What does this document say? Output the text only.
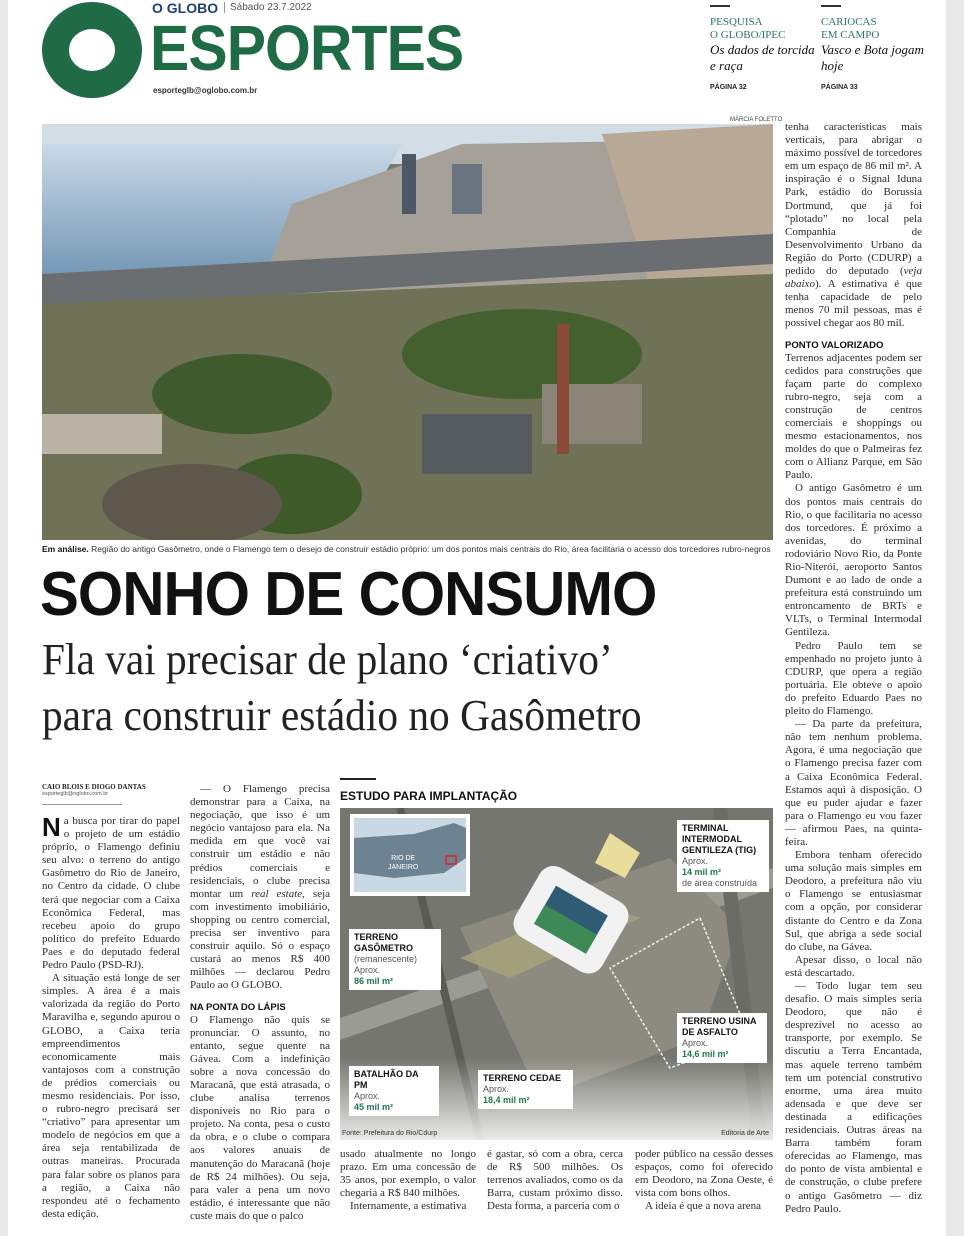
O GLOBO	Sábado 23.7.2022
ESPORTES
esporteglb@oglobo.com.br
PESQUISA
O GLOBO/IPEC
Os dados de torcida e raça
PÁGINA 32
CARIOCAS
EM CAMPO
Vasco e Bota jogam hoje
PÁGINA 33
MÁRCIA FOLETTO
Em análise. Região do antigo Gasômetro, onde o Flamengo tem o desejo de construir estádio próprio: um dos pontos mais centrais do Rio, área facilitaria o acesso dos torcedores rubro-negros
SONHO DE CONSUMO
Fla vai precisar de plano ‘criativo’
para construir estádio no Gasômetro
CAIO BLOIS E DIOGO DANTAS
esporteglb@oglobo.com.br

Na busca por tirar do papel o projeto de um estádio próprio, o Flamengo definiu seu alvo: o terreno do antigo Gasômetro do Rio de Janeiro, no Centro da cidade. O clube terá que negociar com a Caixa Econômica Federal, mas recebeu apoio do grupo político do prefeito Eduardo Paes e do deputado federal Pedro Paulo (PSD-RJ).

A situação está longe de ser simples. A área é a mais valorizada da região do Porto Maravilha e, segundo apurou o GLOBO, a Caixa teria empreendimentos economicamente mais vantajosos com a construção de prédios comerciais ou mesmo residenciais. Por isso, o rubro-negro precisará ser “criativo” para apresentar um modelo de negócios em que a área seja rentabilizada de outras maneiras. Procurada para falar sobre os planos para a região, a Caixa não respondeu até o fechamento desta edição.

— O Flamengo precisa demonstrar para a Caixa, na negociação, que isso é um negócio vantajoso para ela. Na medida em que você vai construir um estádio e não prédios comerciais e residenciais, o clube precisa montar um real estate, seja com investimento imobiliário, shopping ou centro comercial, precisa ser inventivo para construir aquilo. Só o espaço custará ao menos R$ 400 milhões — declarou Pedro Paulo ao O GLOBO.

NA PONTA DO LÁPIS

O Flamengo não quis se pronunciar. O assunto, no entanto, segue quente na Gávea. Com a indefinição sobre a nova concessão do Maracanã, que está atrasada, o clube analisa terrenos disponíveis no Rio para o projeto. Na conta, pesa o custo da obra, e o clube o compara aos valores anuais de manutenção do Maracanã (hoje de R$ 24 milhões). Ou seja, para valer a pena um novo estádio, é interessante que não custe mais do que o palco

ESTUDO PARA IMPLANTAÇÃO
RIO DE
JANEIRO
TERMINAL
INTERMODAL
GENTILEZA (TIG)
Aprox.
14 mil m²
de área construída
TERRENO
GASÔMETRO
(remanescente)
Aprox.
86 mil m²
TERRENO USINA
DE ASFALTO
Aprox.
14,6 mil m²
BATALHÃO DA PM
Aprox.
45 mil m²
TERRENO CEDAE
Aprox.
18,4 mil m²
Fonte: Prefeitura do Rio/Cdurp	Editoria de Arte

usado atualmente no longo prazo. Em uma concessão de 35 anos, por exemplo, o valor chegaria a R$ 840 milhões.

Internamente, a estimativa

é gastar, só com a obra, cerca de R$ 500 milhões. Os terrenos avaliados, como os da Barra, custam próximo disso. Desta forma, a parceria com o

poder público na cessão desses espaços, como foi oferecido em Deodoro, na Zona Oeste, é vista com bons olhos.

A ideia é que a nova arena

tenha características mais verticais, para abrigar o máximo possível de torcedores em um espaço de 86 mil m². A inspiração é o Signal Iduna Park, estádio do Borussia Dortmund, que já foi “plotado” no local pela Companhia de Desenvolvimento Urbano da Região do Porto (CDURP) a pedido do deputado (veja abaixo). A estimativa é que tenha capacidade de pelo menos 70 mil pessoas, mas é possível chegar aos 80 mil.

PONTO VALORIZADO

Terrenos adjacentes podem ser cedidos para construções que façam parte do complexo rubro-negro, seja com a construção de centros comerciais e shoppings ou mesmo estacionamentos, nos moldes do que o Palmeiras fez com o Allianz Parque, em São Paulo.

O antigo Gasômetro é um dos pontos mais centrais do Rio, o que facilitaria no acesso dos torcedores. É próximo a avenidas, do terminal rodoviário Novo Rio, da Ponte Rio-Niterói, aeroporto Santos Dumont e ao lado de onde a prefeitura está construindo um entroncamento de BRTs e VLTs, o Terminal Intermodal Gentileza.

Pedro Paulo tem se empenhado no projeto junto à CDURP, que opera a região portuária. Ele obteve o apoio do prefeito Eduardo Paes no pleito do Flamengo.

— Da parte da prefeitura, não tem nenhum problema. Agora, é uma negociação que o Flamengo precisa fazer com a Caixa Econômica Federal. Estamos aqui à disposição. O que eu puder ajudar e fazer para o Flamengo eu vou fazer — afirmou Paes, na quinta-feira.

Embora tenham oferecido uma solução mais simples em Deodoro, a prefeitura não viu o Flamengo se entusiasmar com a opção, por considerar distante do Centro e da Zona Sul, que abriga a sede social do clube, na Gávea.

Apesar disso, o local não está descartado.

— Todo lugar tem seu desafio. O mais simples seria Deodoro, que não é desprezível no acesso ao transporte, por exemplo. Se discutiu a Terra Encantada, mas aquele terreno também tem um potencial construtivo enorme, uma área muito adensada e que deve ser destinada a edificações residenciais. Outras áreas na Barra também foram oferecidas ao Flamengo, mas do ponto de vista ambiental e de construção, o clube prefere o antigo Gasômetro — diz Pedro Paulo.
